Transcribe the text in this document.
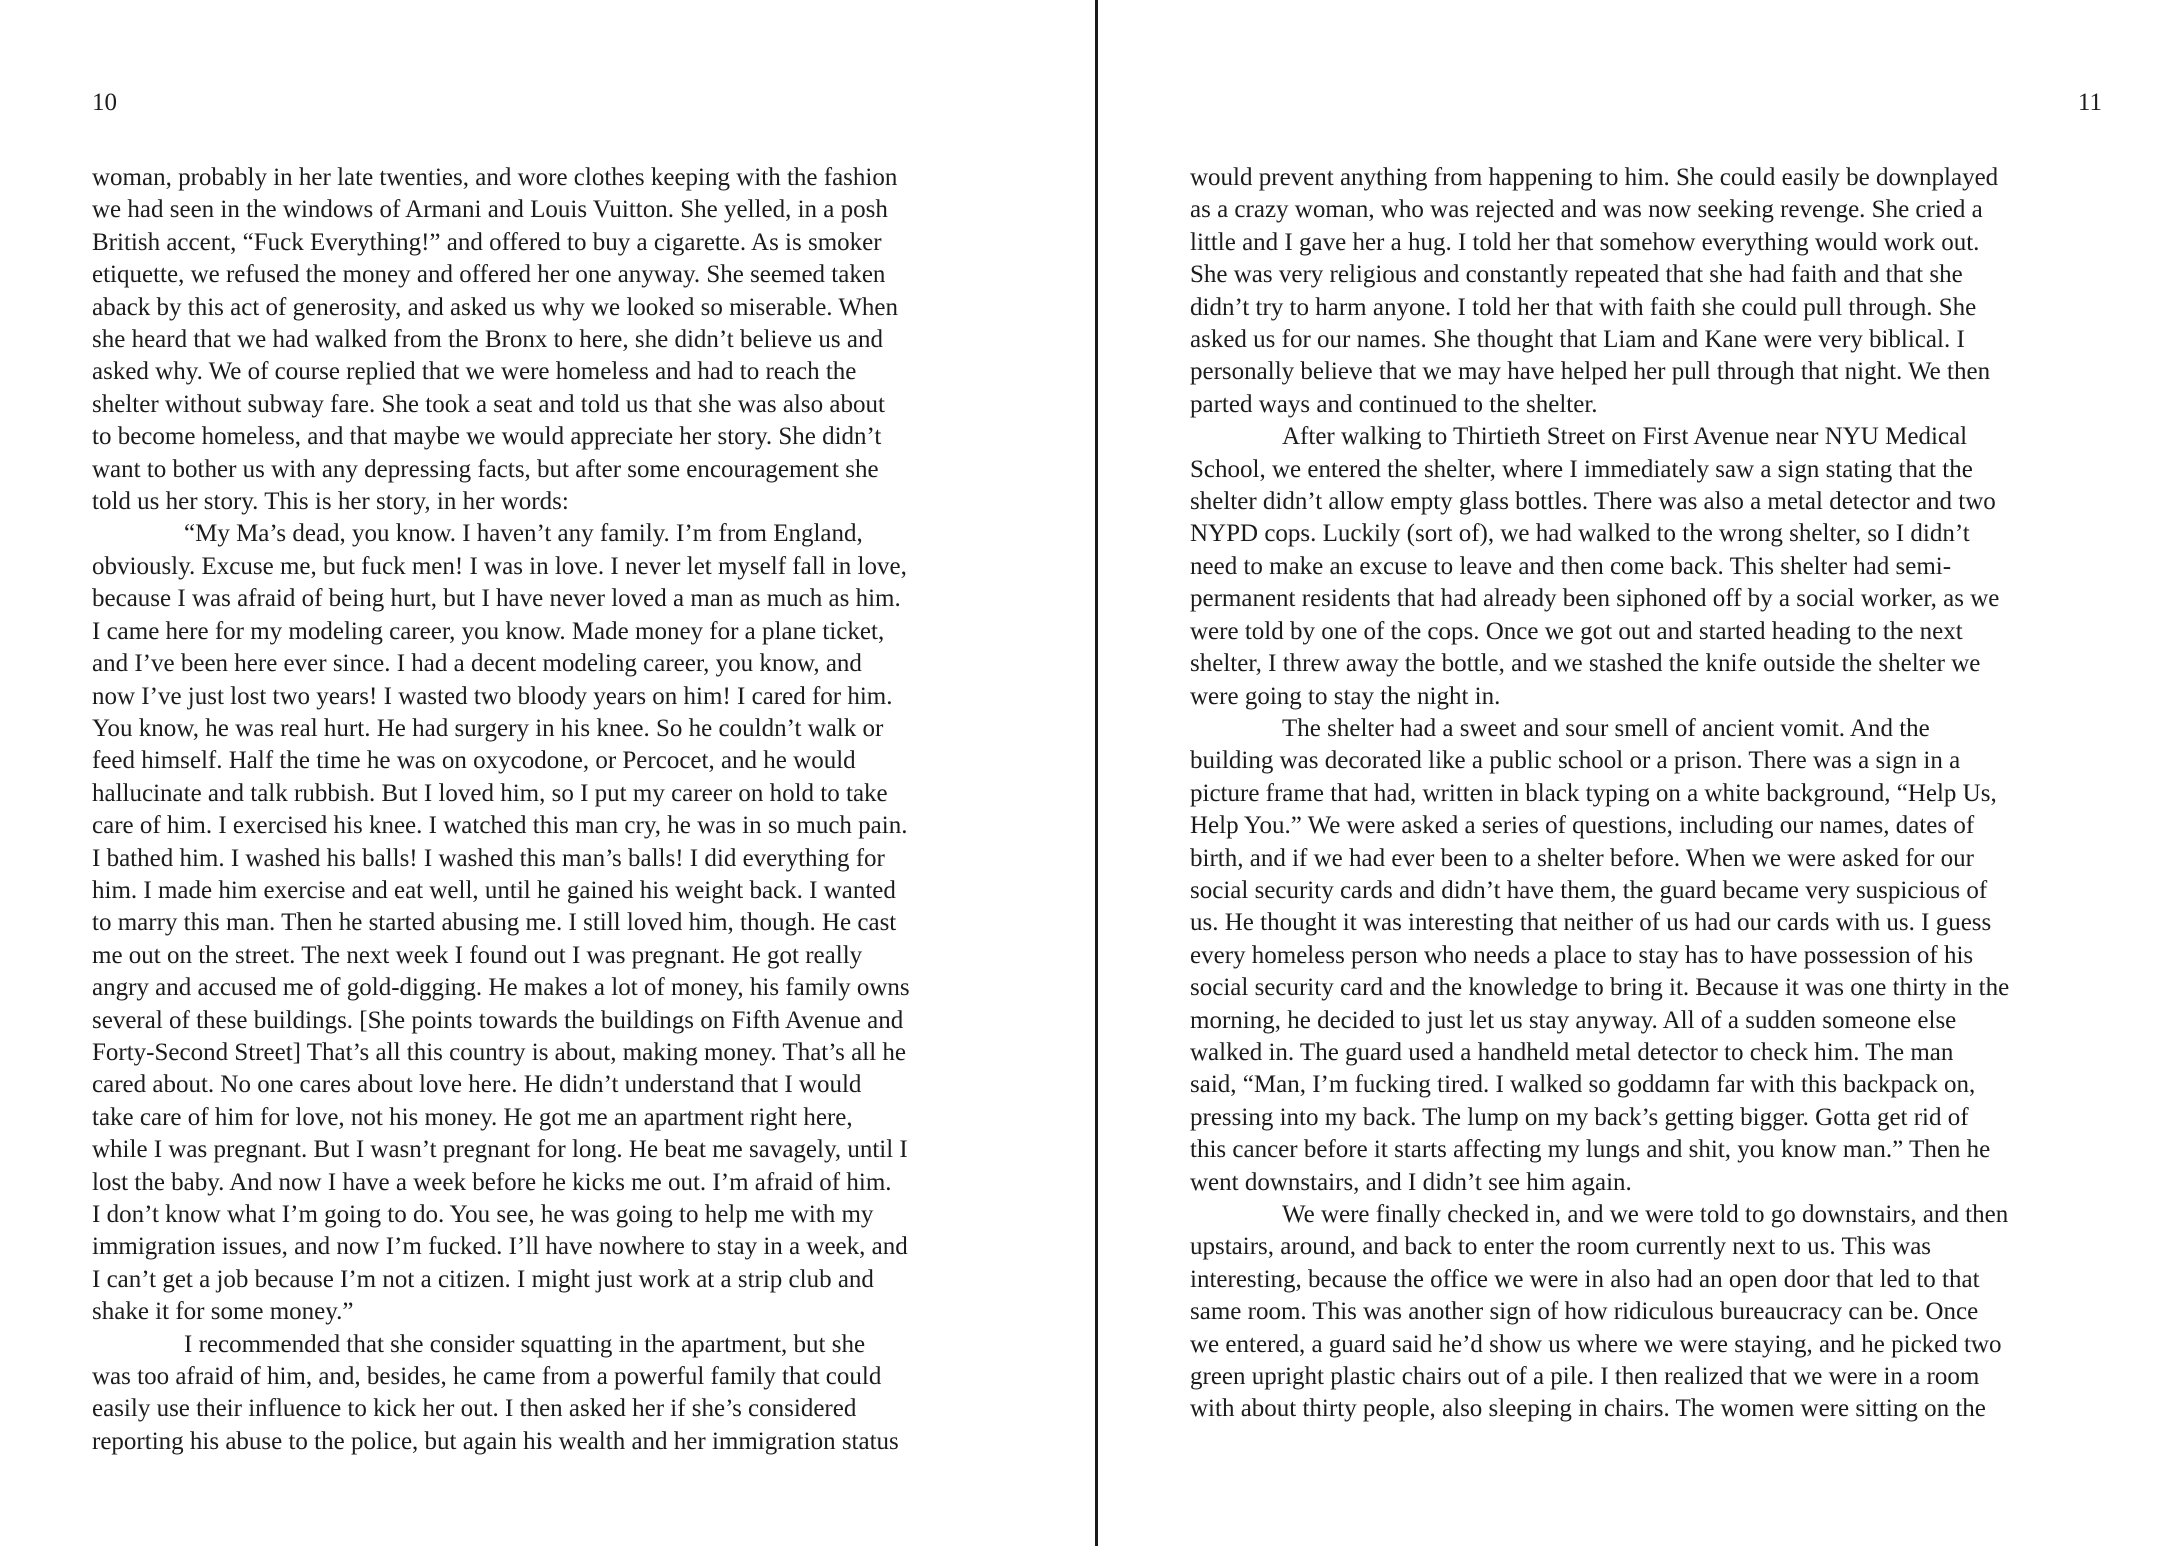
10

woman, probably in her late twenties, and wore clothes keeping with the fashion
we had seen in the windows of Armani and Louis Vuitton. She yelled, in a posh
British accent, “Fuck Everything!” and offered to buy a cigarette. As is smoker
etiquette, we refused the money and offered her one anyway. She seemed taken
aback by this act of generosity, and asked us why we looked so miserable. When
she heard that we had walked from the Bronx to here, she didn’t believe us and
asked why. We of course replied that we were homeless and had to reach the
shelter without subway fare. She took a seat and told us that she was also about
to become homeless, and that maybe we would appreciate her story. She didn’t
want to bother us with any depressing facts, but after some encouragement she
told us her story. This is her story, in her words:
“My Ma’s dead, you know. I haven’t any family. I’m from England,
obviously. Excuse me, but fuck men! I was in love. I never let myself fall in love,
because I was afraid of being hurt, but I have never loved a man as much as him.
I came here for my modeling career, you know. Made money for a plane ticket,
and I’ve been here ever since. I had a decent modeling career, you know, and
now I’ve just lost two years! I wasted two bloody years on him! I cared for him.
You know, he was real hurt. He had surgery in his knee. So he couldn’t walk or
feed himself. Half the time he was on oxycodone, or Percocet, and he would
hallucinate and talk rubbish. But I loved him, so I put my career on hold to take
care of him. I exercised his knee. I watched this man cry, he was in so much pain.
I bathed him. I washed his balls! I washed this man’s balls! I did everything for
him. I made him exercise and eat well, until he gained his weight back. I wanted
to marry this man. Then he started abusing me. I still loved him, though. He cast
me out on the street. The next week I found out I was pregnant. He got really
angry and accused me of gold-digging. He makes a lot of money, his family owns
several of these buildings. [She points towards the buildings on Fifth Avenue and
Forty-Second Street] That’s all this country is about, making money. That’s all he
cared about. No one cares about love here. He didn’t understand that I would
take care of him for love, not his money. He got me an apartment right here,
while I was pregnant. But I wasn’t pregnant for long. He beat me savagely, until I
lost the baby. And now I have a week before he kicks me out. I’m afraid of him.
I don’t know what I’m going to do. You see, he was going to help me with my
immigration issues, and now I’m fucked. I’ll have nowhere to stay in a week, and
I can’t get a job because I’m not a citizen. I might just work at a strip club and
shake it for some money.”
I recommended that she consider squatting in the apartment, but she
was too afraid of him, and, besides, he came from a powerful family that could
easily use their influence to kick her out. I then asked her if she’s considered
reporting his abuse to the police, but again his wealth and her immigration status

11

would prevent anything from happening to him. She could easily be downplayed
as a crazy woman, who was rejected and was now seeking revenge. She cried a
little and I gave her a hug. I told her that somehow everything would work out.
She was very religious and constantly repeated that she had faith and that she
didn’t try to harm anyone. I told her that with faith she could pull through. She
asked us for our names. She thought that Liam and Kane were very biblical. I
personally believe that we may have helped her pull through that night. We then
parted ways and continued to the shelter.
After walking to Thirtieth Street on First Avenue near NYU Medical
School, we entered the shelter, where I immediately saw a sign stating that the
shelter didn’t allow empty glass bottles. There was also a metal detector and two
NYPD cops. Luckily (sort of), we had walked to the wrong shelter, so I didn’t
need to make an excuse to leave and then come back. This shelter had semi-
permanent residents that had already been siphoned off by a social worker, as we
were told by one of the cops. Once we got out and started heading to the next
shelter, I threw away the bottle, and we stashed the knife outside the shelter we
were going to stay the night in.
The shelter had a sweet and sour smell of ancient vomit. And the
building was decorated like a public school or a prison. There was a sign in a
picture frame that had, written in black typing on a white background, “Help Us,
Help You.” We were asked a series of questions, including our names, dates of
birth, and if we had ever been to a shelter before. When we were asked for our
social security cards and didn’t have them, the guard became very suspicious of
us. He thought it was interesting that neither of us had our cards with us. I guess
every homeless person who needs a place to stay has to have possession of his
social security card and the knowledge to bring it. Because it was one thirty in the
morning, he decided to just let us stay anyway. All of a sudden someone else
walked in. The guard used a handheld metal detector to check him. The man
said, “Man, I’m fucking tired. I walked so goddamn far with this backpack on,
pressing into my back. The lump on my back’s getting bigger. Gotta get rid of
this cancer before it starts affecting my lungs and shit, you know man.” Then he
went downstairs, and I didn’t see him again.
We were finally checked in, and we were told to go downstairs, and then
upstairs, around, and back to enter the room currently next to us. This was
interesting, because the office we were in also had an open door that led to that
same room. This was another sign of how ridiculous bureaucracy can be. Once
we entered, a guard said he’d show us where we were staying, and he picked two
green upright plastic chairs out of a pile. I then realized that we were in a room
with about thirty people, also sleeping in chairs. The women were sitting on the
